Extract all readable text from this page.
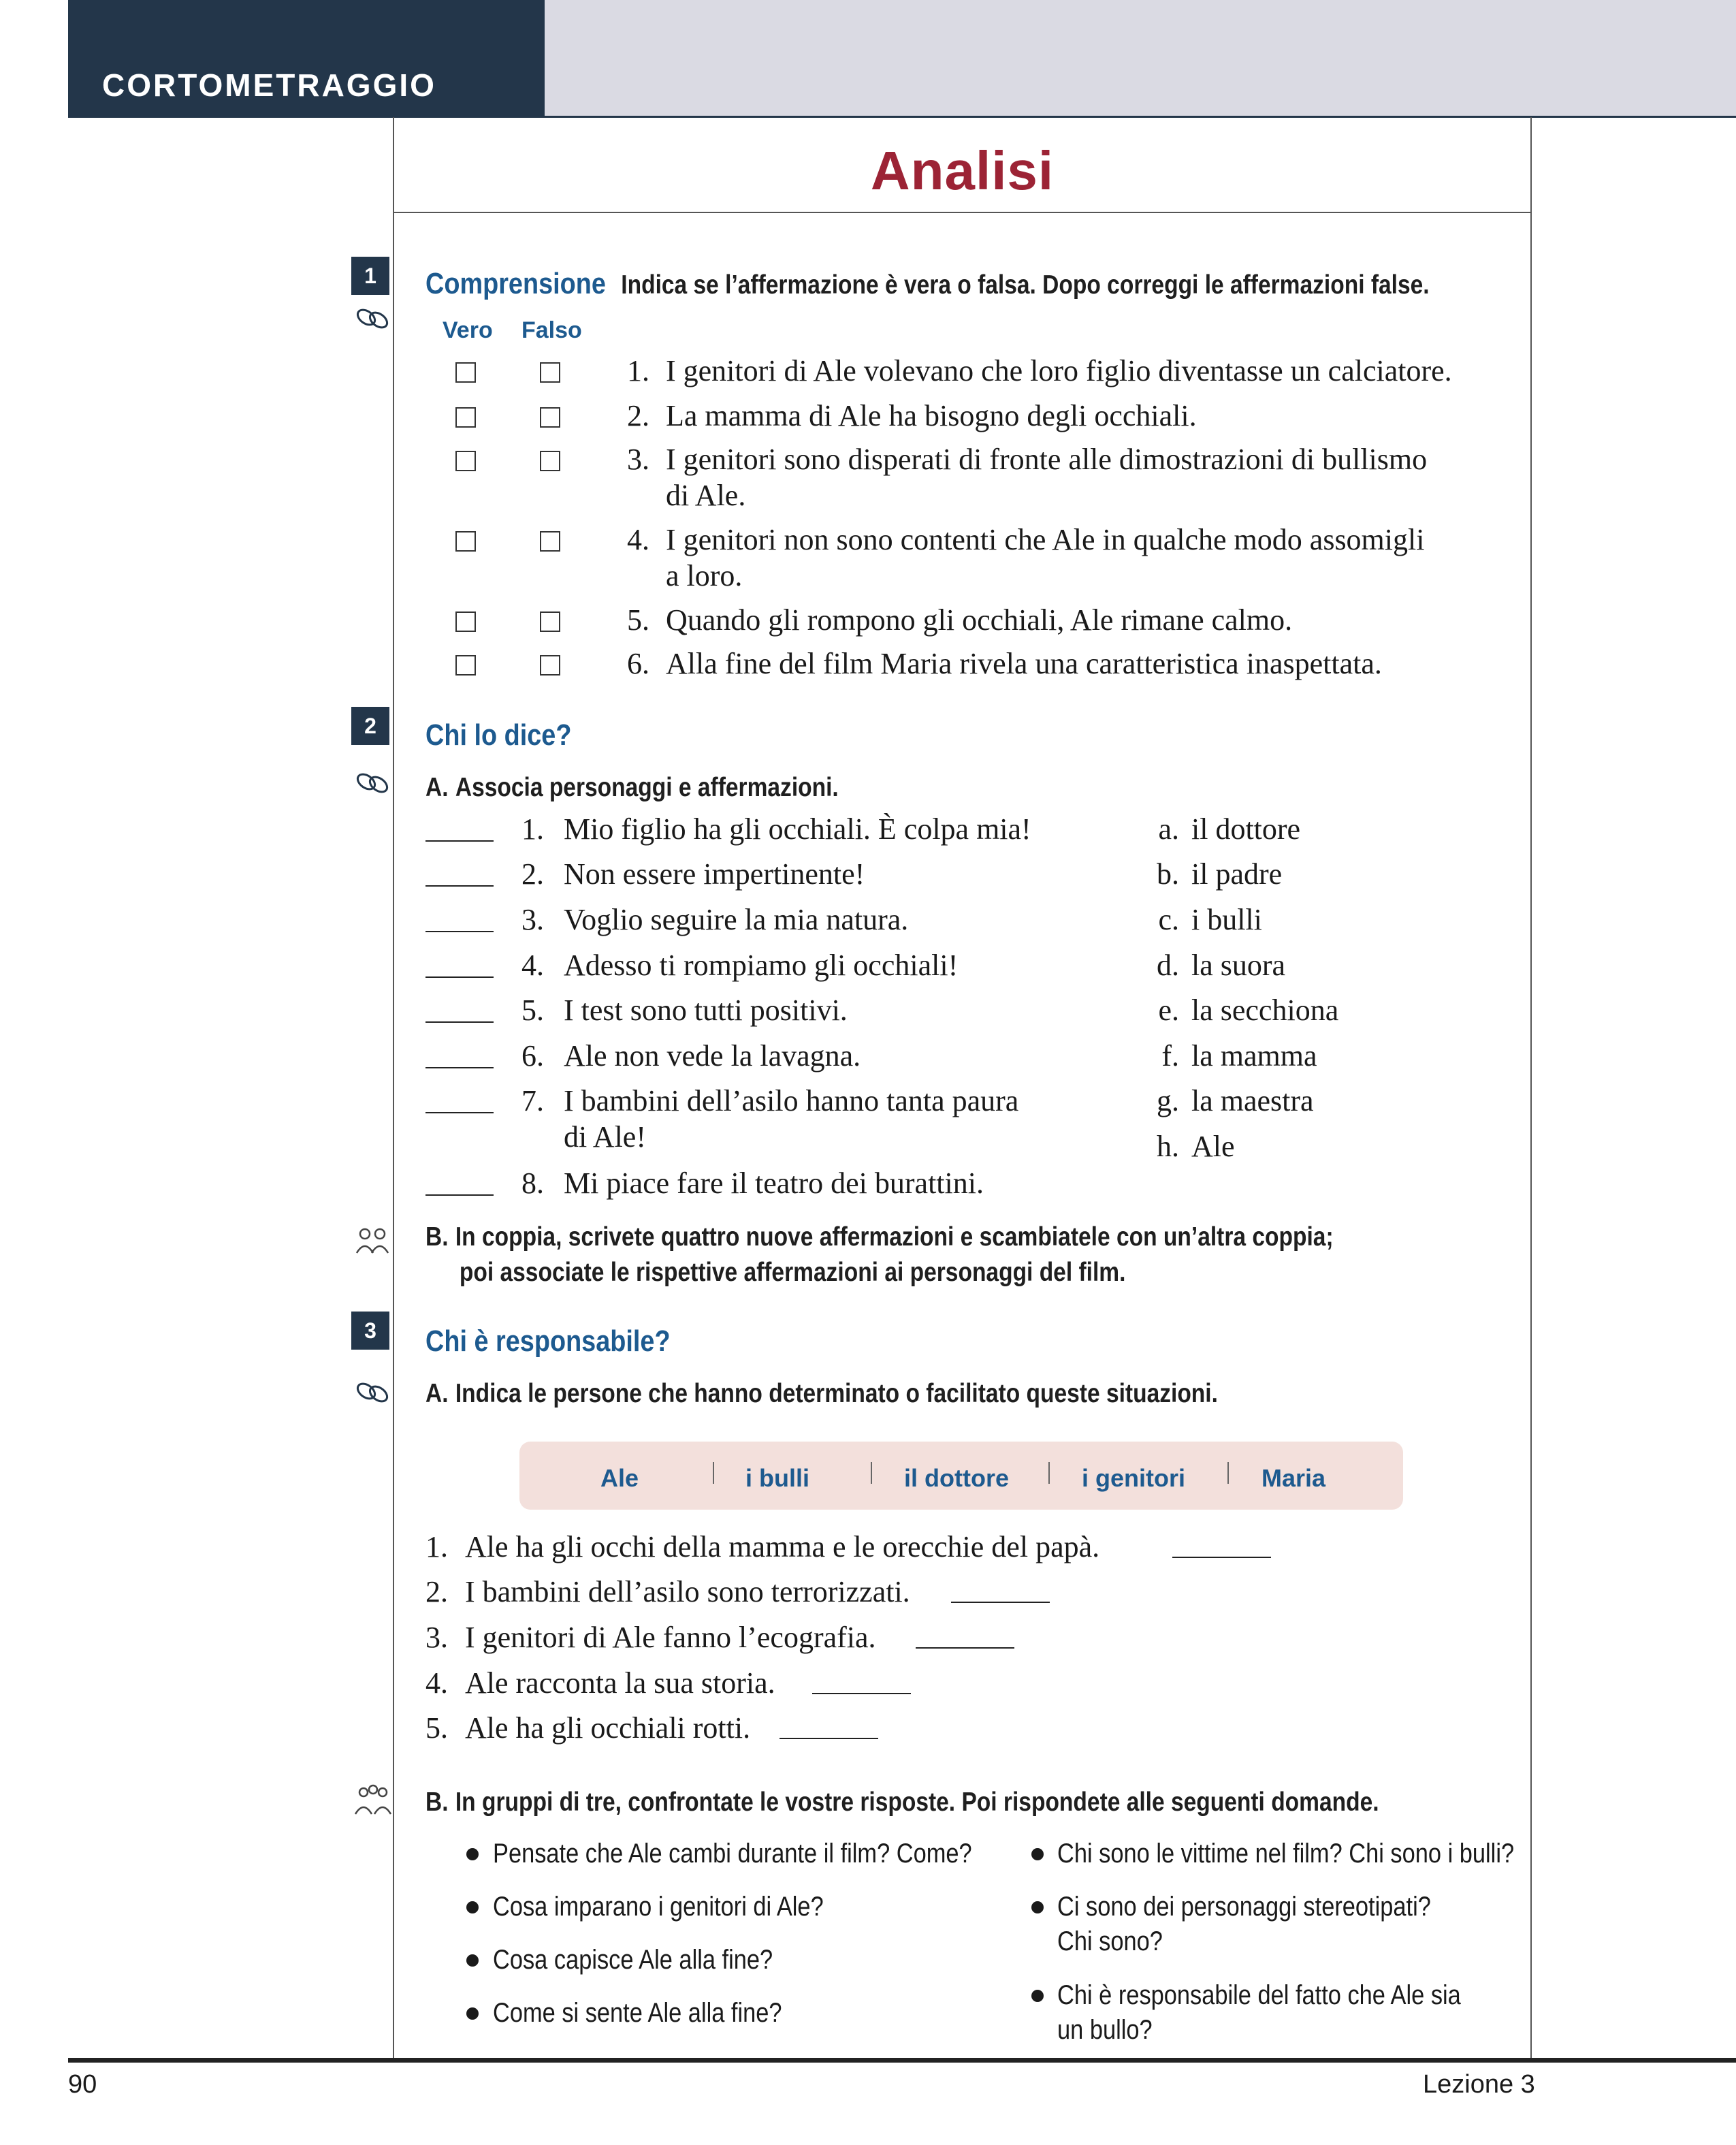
CORTOMETRAGGIO
Analisi
1	Comprensione Indica se l’affermazione è vera o falsa. Dopo correggi le affermazioni false.
Vero Falso
1. I genitori di Ale volevano che loro figlio diventasse un calciatore.
2. La mamma di Ale ha bisogno degli occhiali.
3. I genitori sono disperati di fronte alle dimostrazioni di bullismo
di Ale.
4. I genitori non sono contenti che Ale in qualche modo assomigli
a loro.
5. Quando gli rompono gli occhiali, Ale rimane calmo.
6. Alla fine del film Maria rivela una caratteristica inaspettata.
2	Chi lo dice?
A. Associa personaggi e affermazioni.
1. Mio figlio ha gli occhiali. È colpa mia!
2. Non essere impertinente!
3. Voglio seguire la mia natura.
4. Adesso ti rompiamo gli occhiali!
5. I test sono tutti positivi.
6. Ale non vede la lavagna.
7. I bambini dell’asilo hanno tanta paura
di Ale!
8. Mi piace fare il teatro dei burattini.
a. il dottore
b. il padre
c. i bulli
d. la suora
e. la secchiona
f. la mamma
g. la maestra
h. Ale
B. In coppia, scrivete quattro nuove affermazioni e scambiatele con un’altra coppia;
poi associate le rispettive affermazioni ai personaggi del film.
3	Chi è responsabile?
A. Indica le persone che hanno determinato o facilitato queste situazioni.
Ale	i bulli	il dottore	i genitori	Maria
1. Ale ha gli occhi della mamma e le orecchie del papà.
2. I bambini dell’asilo sono terrorizzati.
3. I genitori di Ale fanno l’ecografia.
4. Ale racconta la sua storia.
5. Ale ha gli occhiali rotti.
B. In gruppi di tre, confrontate le vostre risposte. Poi rispondete alle seguenti domande.
Pensate che Ale cambi durante il film? Come?
Cosa imparano i genitori di Ale?
Cosa capisce Ale alla fine?
Come si sente Ale alla fine?
Chi sono le vittime nel film? Chi sono i bulli?
Ci sono dei personaggi stereotipati?
Chi sono?
Chi è responsabile del fatto che Ale sia
un bullo?
90	Lezione 3
